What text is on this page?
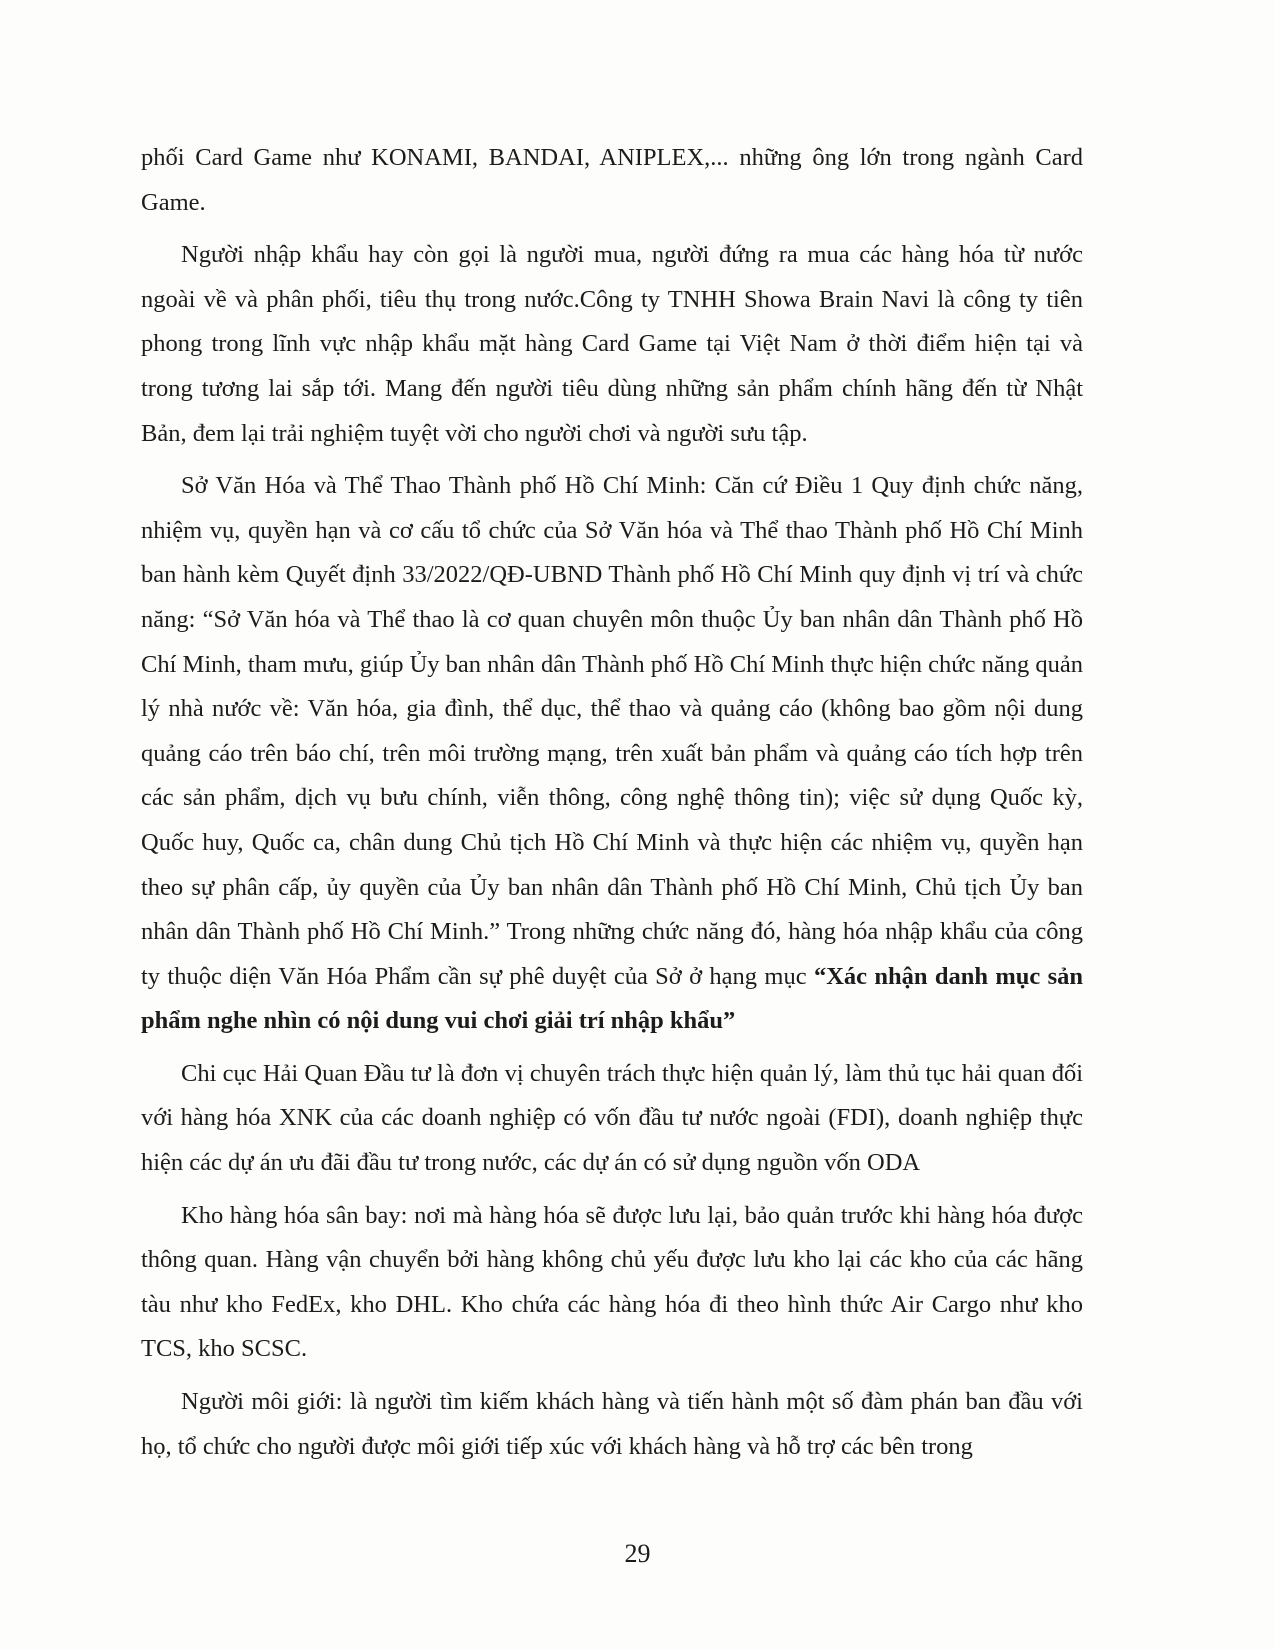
phối Card Game như KONAMI, BANDAI, ANIPLEX,... những ông lớn trong ngành Card Game.

Người nhập khẩu hay còn gọi là người mua, người đứng ra mua các hàng hóa từ nước ngoài về và phân phối, tiêu thụ trong nước.Công ty TNHH Showa Brain Navi là công ty tiên phong trong lĩnh vực nhập khẩu mặt hàng Card Game tại Việt Nam ở thời điểm hiện tại và trong tương lai sắp tới. Mang đến người tiêu dùng những sản phẩm chính hãng đến từ Nhật Bản, đem lại trải nghiệm tuyệt vời cho người chơi và người sưu tập.

Sở Văn Hóa và Thể Thao Thành phố Hồ Chí Minh: Căn cứ Điều 1 Quy định chức năng, nhiệm vụ, quyền hạn và cơ cấu tổ chức của Sở Văn hóa và Thể thao Thành phố Hồ Chí Minh ban hành kèm Quyết định 33/2022/QĐ-UBND Thành phố Hồ Chí Minh quy định vị trí và chức năng: “Sở Văn hóa và Thể thao là cơ quan chuyên môn thuộc Ủy ban nhân dân Thành phố Hồ Chí Minh, tham mưu, giúp Ủy ban nhân dân Thành phố Hồ Chí Minh thực hiện chức năng quản lý nhà nước về: Văn hóa, gia đình, thể dục, thể thao và quảng cáo (không bao gồm nội dung quảng cáo trên báo chí, trên môi trường mạng, trên xuất bản phẩm và quảng cáo tích hợp trên các sản phẩm, dịch vụ bưu chính, viễn thông, công nghệ thông tin); việc sử dụng Quốc kỳ, Quốc huy, Quốc ca, chân dung Chủ tịch Hồ Chí Minh và thực hiện các nhiệm vụ, quyền hạn theo sự phân cấp, ủy quyền của Ủy ban nhân dân Thành phố Hồ Chí Minh, Chủ tịch Ủy ban nhân dân Thành phố Hồ Chí Minh.” Trong những chức năng đó, hàng hóa nhập khẩu của công ty thuộc diện Văn Hóa Phẩm cần sự phê duyệt của Sở ở hạng mục “Xác nhận danh mục sản phẩm nghe nhìn có nội dung vui chơi giải trí nhập khẩu”

Chi cục Hải Quan Đầu tư là đơn vị chuyên trách thực hiện quản lý, làm thủ tục hải quan đối với hàng hóa XNK của các doanh nghiệp có vốn đầu tư nước ngoài (FDI), doanh nghiệp thực hiện các dự án ưu đãi đầu tư trong nước, các dự án có sử dụng nguồn vốn ODA

Kho hàng hóa sân bay: nơi mà hàng hóa sẽ được lưu lại, bảo quản trước khi hàng hóa được thông quan. Hàng vận chuyển bởi hàng không chủ yếu được lưu kho lại các kho của các hãng tàu như kho FedEx, kho DHL. Kho chứa các hàng hóa đi theo hình thức Air Cargo như kho TCS, kho SCSC.

Người môi giới: là người tìm kiếm khách hàng và tiến hành một số đàm phán ban đầu với họ, tổ chức cho người được môi giới tiếp xúc với khách hàng và hỗ trợ các bên trong

29
